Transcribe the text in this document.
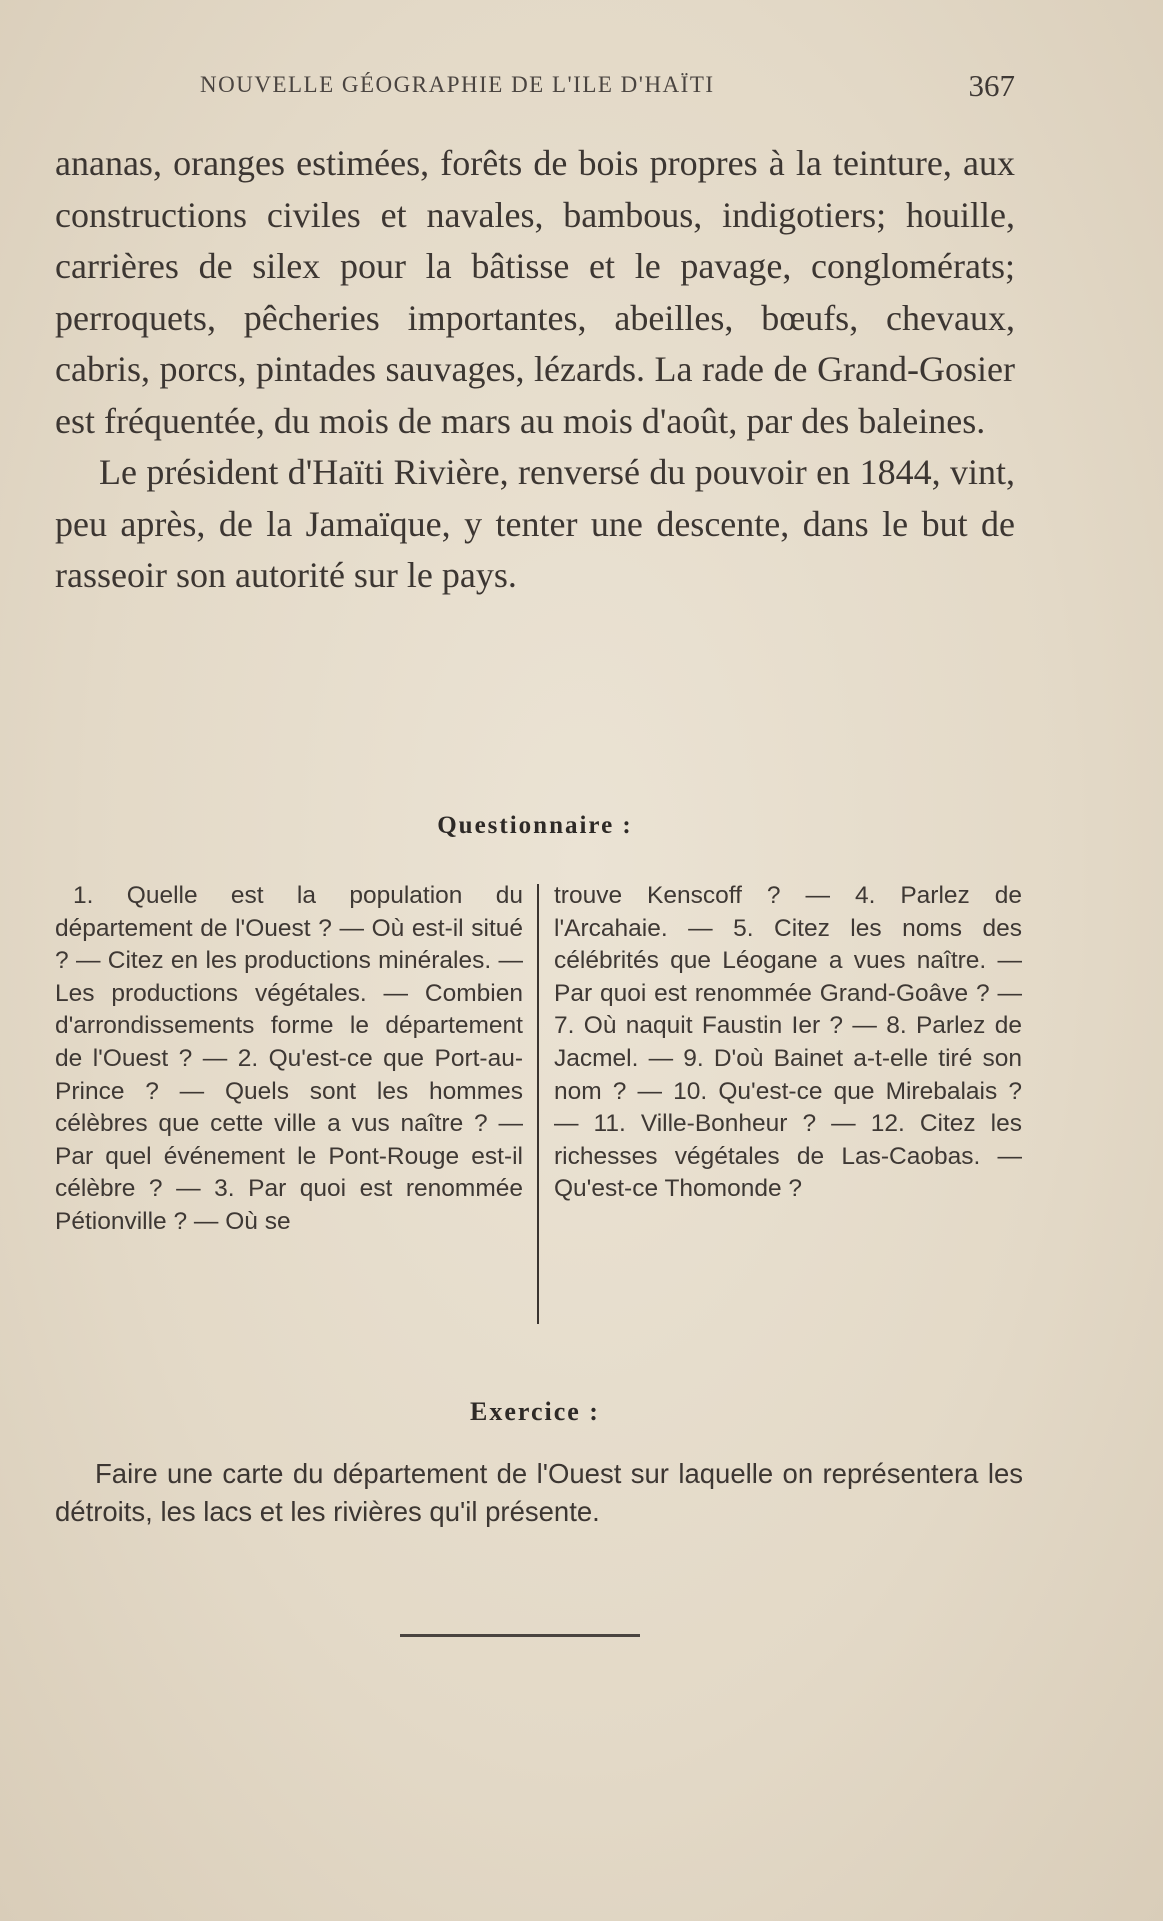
NOUVELLE GÉOGRAPHIE DE L'ILE D'HAÏTI	367

ananas, oranges estimées, forêts de bois propres à la teinture, aux constructions civiles et navales, bambous, indigotiers; houille, carrières de silex pour la bâtisse et le pavage, conglomérats; perroquets, pêcheries importantes, abeilles, bœufs, chevaux, cabris, porcs, pintades sauvages, lézards. La rade de Grand-Gosier est fréquentée, du mois de mars au mois d'août, par des baleines.

Le président d'Haïti Rivière, renversé du pouvoir en 1844, vint, peu après, de la Jamaïque, y tenter une descente, dans le but de rasseoir son autorité sur le pays.

Questionnaire :

1. Quelle est la population du département de l'Ouest ? — Où est-il situé ? — Citez en les productions minérales. — Les productions végétales. — Combien d'arrondissements forme le département de l'Ouest ? — 2. Qu'est-ce que Port-au-Prince ? — Quels sont les hommes célèbres que cette ville a vus naître ? — Par quel événement le Pont-Rouge est-il célèbre ? — 3. Par quoi est renommée Pétionville ? — Où se

trouve Kenscoff ? — 4. Parlez de l'Arcahaie. — 5. Citez les noms des célébrités que Léogane a vues naître. — Par quoi est renommée Grand-Goâve ? — 7. Où naquit Faustin Ier ? — 8. Parlez de Jacmel. — 9. D'où Bainet a-t-elle tiré son nom ? — 10. Qu'est-ce que Mirebalais ? — 11. Ville-Bonheur ? — 12. Citez les richesses végétales de Las-Caobas. — Qu'est-ce Thomonde ?

Exercice :

Faire une carte du département de l'Ouest sur laquelle on représentera les détroits, les lacs et les rivières qu'il présente.
